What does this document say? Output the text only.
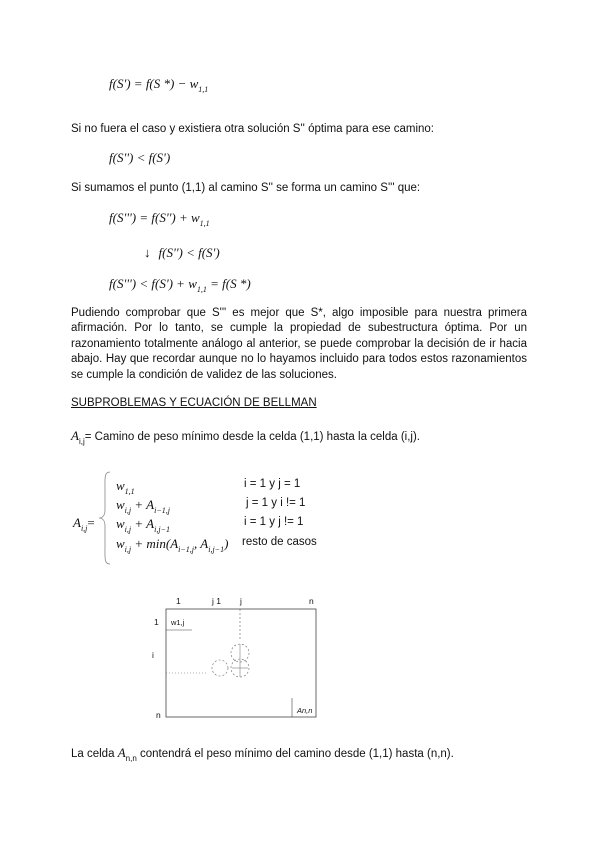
f(S') = f(S *) − $w_{1,1}$
Si no fuera el caso y existiera otra solución S'' óptima para ese camino:
f(S'') < f(S')
Si sumamos el punto (1,1) al camino S'' se forma un camino S''' que:
$f(S''') = f(S'') + w_{1,1}$
↓ f(S'') < f(S')
$f(S''') < f(S') + w_{1,1} = f(S$ *)
Pudiendo comprobar que S''' es mejor que S*, algo imposible para nuestra primera afirmación. Por lo tanto, se cumple la propiedad de subestructura óptima. Por un razonamiento totalmente análogo al anterior, se puede comprobar la decisión de ir hacia abajo. Hay que recordar aunque no lo hayamos incluido para todos estos razonamientos se cumple la condición de validez de las soluciones.
SUBPROBLEMAS Y ECUACIÓN DE BELLMAN
$A_{i,j}= Camino$ de peso mínimo desde la celda (1,1) hasta la celda (i,j).
$A_{i,j}=$
$w_{1,1}$
i = 1 y j = 1
$w_{i,j} + A_{i-1,j}$
j = 1 y i != 1
$w_{i,j} + A_{i,j-1}$
i = 1 y j != 1
$w_{i,j} + \min(A_{i-1,j}$, $A_{i,j-1}$) resto de casos
1	j 1 j	n
1
i
n
w1,j
An,n
La celda $A_{n,n}$ contendrá el peso mínimo del camino desde (1,1) hasta (n,n).
